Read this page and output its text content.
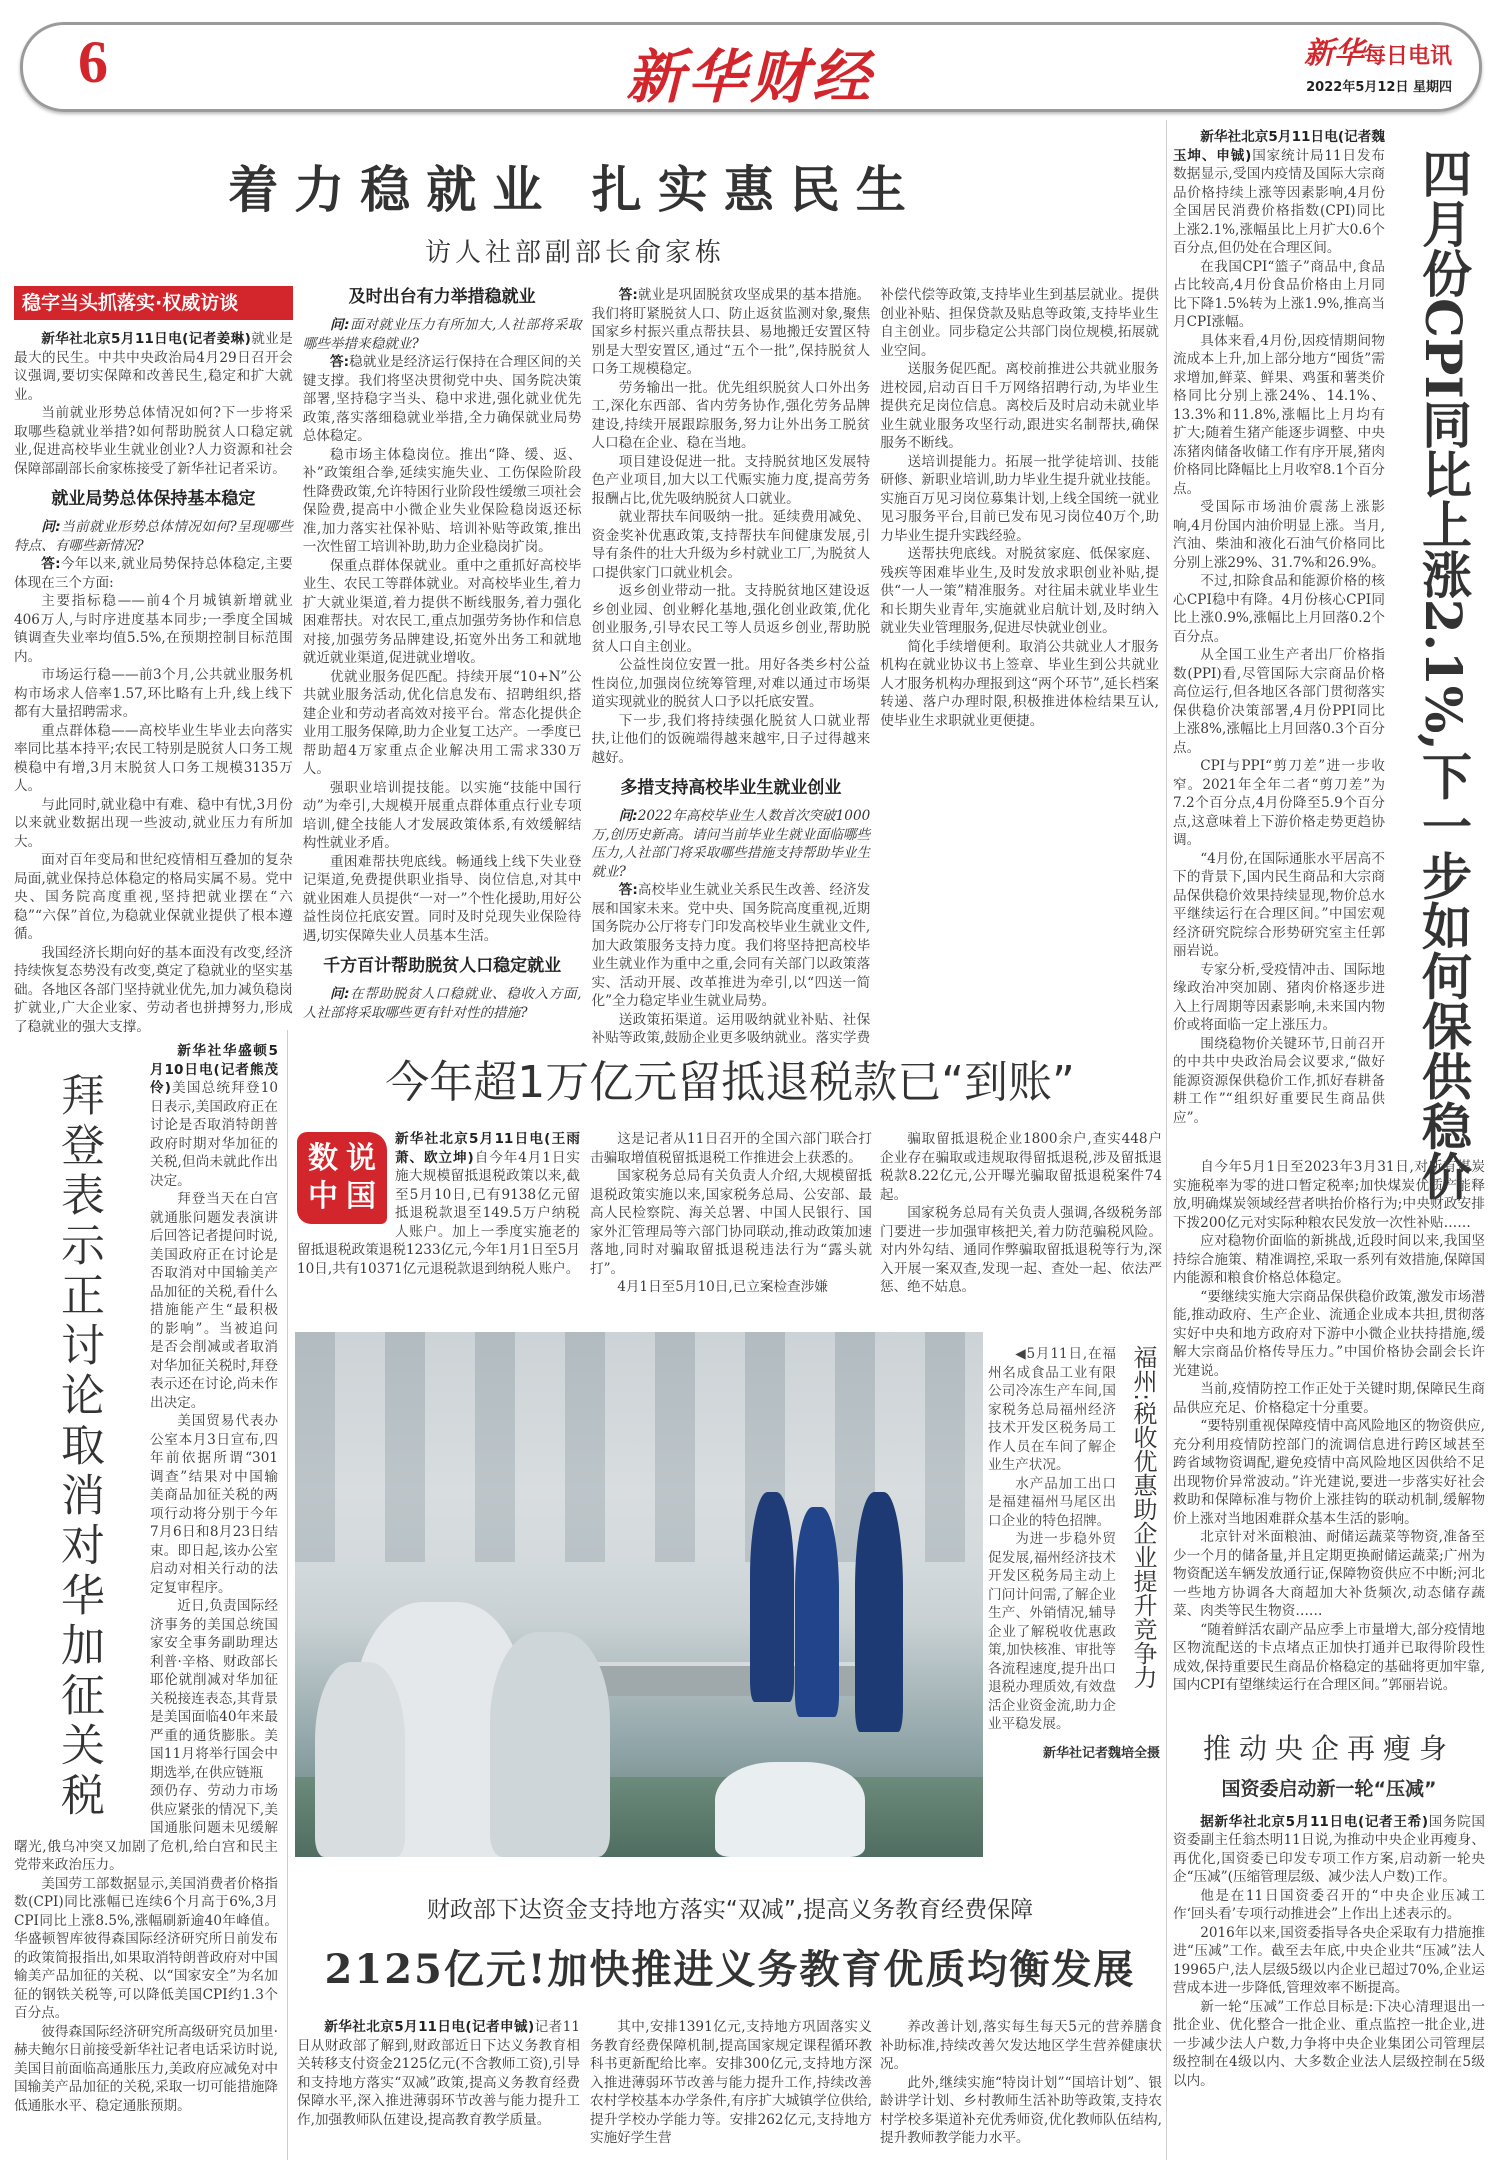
6	新华财经	新华每日电讯
2022年5月12日 星期四
着力稳就业 扎实惠民生
访人社部副部长俞家栋
稳字当头抓落实·权威访谈

新华社北京5月11日电(记者姜琳)就业是最大的民生。中共中央政治局4月29日召开会议强调,要切实保障和改善民生,稳定和扩大就业。

当前就业形势总体情况如何?下一步将采取哪些稳就业举措?如何帮助脱贫人口稳定就业,促进高校毕业生就业创业?人力资源和社会保障部副部长俞家栋接受了新华社记者采访。

就业局势总体保持基本稳定

问:当前就业形势总体情况如何?呈现哪些特点、有哪些新情况?

答:今年以来,就业局势保持总体稳定,主要体现在三个方面:

主要指标稳——前4个月城镇新增就业406万人,与时序进度基本同步;一季度全国城镇调查失业率均值5.5%,在预期控制目标范围内。

市场运行稳——前3个月,公共就业服务机构市场求人倍率1.57,环比略有上升,线上线下都有大量招聘需求。

重点群体稳——高校毕业生毕业去向落实率同比基本持平;农民工特别是脱贫人口务工规模稳中有增,3月末脱贫人口务工规模3135万人。

与此同时,就业稳中有难、稳中有忧,3月份以来就业数据出现一些波动,就业压力有所加大。

面对百年变局和世纪疫情相互叠加的复杂局面,就业保持总体稳定的格局实属不易。党中央、国务院高度重视,坚持把就业摆在“六稳”“六保”首位,为稳就业保就业提供了根本遵循。

我国经济长期向好的基本面没有改变,经济持续恢复态势没有改变,奠定了稳就业的坚实基础。各地区各部门坚持就业优先,加力减负稳岗扩就业,广大企业家、劳动者也拼搏努力,形成了稳就业的强大支撑。

及时出台有力举措稳就业

问:面对就业压力有所加大,人社部将采取哪些举措来稳就业?

答:稳就业是经济运行保持在合理区间的关键支撑。我们将坚决贯彻党中央、国务院决策部署,坚持稳字当头、稳中求进,强化就业优先政策,落实落细稳就业举措,全力确保就业局势总体稳定。

稳市场主体稳岗位。推出“降、缓、返、补”政策组合拳,延续实施失业、工伤保险阶段性降费政策,允许特困行业阶段性缓缴三项社会保险费,提高中小微企业失业保险稳岗返还标准,加力落实社保补贴、培训补贴等政策,推出一次性留工培训补助,助力企业稳岗扩岗。

保重点群体保就业。重中之重抓好高校毕业生、农民工等群体就业。对高校毕业生,着力扩大就业渠道,着力提供不断线服务,着力强化困难帮扶。对农民工,重点加强劳务协作和信息对接,加强劳务品牌建设,拓宽外出务工和就地就近就业渠道,促进就业增收。

优就业服务促匹配。持续开展“10+N”公共就业服务活动,优化信息发布、招聘组织,搭建企业和劳动者高效对接平台。常态化提供企业用工服务保障,助力企业复工达产。一季度已帮助超4万家重点企业解决用工需求330万人。

强职业培训提技能。以实施“技能中国行动”为牵引,大规模开展重点群体重点行业专项培训,健全技能人才发展政策体系,有效缓解结构性就业矛盾。

重困难帮扶兜底线。畅通线上线下失业登记渠道,免费提供职业指导、岗位信息,对其中就业困难人员提供“一对一”个性化援助,用好公益性岗位托底安置。同时及时兑现失业保险待遇,切实保障失业人员基本生活。

千方百计帮助脱贫人口稳定就业

问:在帮助脱贫人口稳就业、稳收入方面,人社部将采取哪些更有针对性的措施?

答:就业是巩固脱贫攻坚成果的基本措施。我们将盯紧脱贫人口、防止返贫监测对象,聚焦国家乡村振兴重点帮扶县、易地搬迁安置区特别是大型安置区,通过“五个一批”,保持脱贫人口务工规模稳定。

劳务输出一批。优先组织脱贫人口外出务工,深化东西部、省内劳务协作,强化劳务品牌建设,持续开展跟踪服务,努力让外出务工脱贫人口稳在企业、稳在当地。

项目建设促进一批。支持脱贫地区发展特色产业项目,加大以工代赈实施力度,提高劳务报酬占比,优先吸纳脱贫人口就业。

就业帮扶车间吸纳一批。延续费用减免、资金奖补优惠政策,支持帮扶车间健康发展,引导有条件的壮大升级为乡村就业工厂,为脱贫人口提供家门口就业机会。

返乡创业带动一批。支持脱贫地区建设返乡创业园、创业孵化基地,强化创业政策,优化创业服务,引导农民工等人员返乡创业,帮助脱贫人口自主创业。

公益性岗位安置一批。用好各类乡村公益性岗位,加强岗位统筹管理,对难以通过市场渠道实现就业的脱贫人口予以托底安置。

下一步,我们将持续强化脱贫人口就业帮扶,让他们的饭碗端得越来越牢,日子过得越来越好。

多措支持高校毕业生就业创业

问:2022年高校毕业生人数首次突破1000万,创历史新高。请问当前毕业生就业面临哪些压力,人社部门将采取哪些措施支持帮助毕业生就业?

答:高校毕业生就业关系民生改善、经济发展和国家未来。党中央、国务院高度重视,近期国务院办公厅将专门印发高校毕业生就业文件,加大政策服务支持力度。我们将坚持把高校毕业生就业作为重中之重,会同有关部门以政策落实、活动开展、改革推进为牵引,以“四送一简化”全力稳定毕业生就业局势。

送政策拓渠道。运用吸纳就业补贴、社保补贴等政策,鼓励企业更多吸纳就业。落实学费补偿代偿等政策,支持毕业生到基层就业。提供创业补贴、担保贷款及贴息等政策,支持毕业生自主创业。同步稳定公共部门岗位规模,拓展就业空间。

送服务促匹配。离校前推进公共就业服务进校园,启动百日千万网络招聘行动,为毕业生提供充足岗位信息。离校后及时启动未就业毕业生就业服务攻坚行动,跟进实名制帮扶,确保服务不断线。

送培训提能力。拓展一批学徒培训、技能研修、新职业培训,助力毕业生提升就业技能。实施百万见习岗位募集计划,上线全国统一就业见习服务平台,目前已发布见习岗位40万个,助力毕业生提升实践经验。

送帮扶兜底线。对脱贫家庭、低保家庭、残疾等困难毕业生,及时发放求职创业补贴,提供“一人一策”精准服务。对往届未就业毕业生和长期失业青年,实施就业启航计划,及时纳入就业失业管理服务,促进尽快就业创业。

简化手续增便利。取消公共就业人才服务机构在就业协议书上签章、毕业生到公共就业人才服务机构办理报到这“两个环节”,延长档案转递、落户办理时限,积极推进体检结果互认,使毕业生求职就业更便捷。	四月份CPI同比上涨2.1%,下一步如何保供稳价

新华社北京5月11日电(记者魏玉坤、申铖)国家统计局11日发布数据显示,受国内疫情及国际大宗商品价格持续上涨等因素影响,4月份全国居民消费价格指数(CPI)同比上涨2.1%,涨幅虽比上月扩大0.6个百分点,但仍处在合理区间。

在我国CPI“篮子”商品中,食品占比较高,4月份食品价格由上月同比下降1.5%转为上涨1.9%,推高当月CPI涨幅。

具体来看,4月份,因疫情期间物流成本上升,加上部分地方“囤货”需求增加,鲜菜、鲜果、鸡蛋和薯类价格同比分别上涨24%、14.1%、13.3%和11.8%,涨幅比上月均有扩大;随着生猪产能逐步调整、中央冻猪肉储备收储工作有序开展,猪肉价格同比降幅比上月收窄8.1个百分点。

受国际市场油价震荡上涨影响,4月份国内油价明显上涨。当月,汽油、柴油和液化石油气价格同比分别上涨29%、31.7%和26.9%。

不过,扣除食品和能源价格的核心CPI稳中有降。4月份核心CPI同比上涨0.9%,涨幅比上月回落0.2个百分点。

从全国工业生产者出厂价格指数(PPI)看,尽管国际大宗商品价格高位运行,但各地区各部门贯彻落实保供稳价决策部署,4月份PPI同比上涨8%,涨幅比上月回落0.3个百分点。

CPI与PPI“剪刀差”进一步收窄。2021年全年二者“剪刀差”为7.2个百分点,4月份降至5.9个百分点,这意味着上下游价格走势更趋协调。

“4月份,在国际通胀水平居高不下的背景下,国内民生商品和大宗商品保供稳价效果持续显现,物价总水平继续运行在合理区间。”中国宏观经济研究院综合形势研究室主任郭丽岩说。

专家分析,受疫情冲击、国际地缘政治冲突加剧、猪肉价格逐步进入上行周期等因素影响,未来国内物价或将面临一定上涨压力。

围绕稳物价关键环节,日前召开的中共中央政治局会议要求,“做好能源资源保供稳价工作,抓好春耕备耕工作”“组织好重要民生商品供应”。

自今年5月1日至2023年3月31日,对所有煤炭实施税率为零的进口暂定税率;加快煤炭优质产能释放,明确煤炭领域经营者哄抬价格行为;中央财政安排下拨200亿元对实际种粮农民发放一次性补贴……

应对稳物价面临的新挑战,近段时间以来,我国坚持综合施策、精准调控,采取一系列有效措施,保障国内能源和粮食价格总体稳定。

“要继续实施大宗商品保供稳价政策,激发市场潜能,推动政府、生产企业、流通企业成本共担,贯彻落实好中央和地方政府对下游中小微企业扶持措施,缓解大宗商品价格传导压力。”中国价格协会副会长许光建说。

当前,疫情防控工作正处于关键时期,保障民生商品供应充足、价格稳定十分重要。

“要特别重视保障疫情中高风险地区的物资供应,充分利用疫情防控部门的流调信息进行跨区域甚至跨省域物资调配,避免疫情中高风险地区因供给不足出现物价异常波动。”许光建说,要进一步落实好社会救助和保障标准与物价上涨挂钩的联动机制,缓解物价上涨对当地困难群众基本生活的影响。

北京针对米面粮油、耐储运蔬菜等物资,准备至少一个月的储备量,并且定期更换耐储运蔬菜;广州为物资配送车辆发放通行证,保障物资供应不中断;河北一些地方协调各大商超加大补货频次,动态储存蔬菜、肉类等民生物资……

“随着鲜活农副产品应季上市量增大,部分疫情地区物流配送的卡点堵点正加快打通并已取得阶段性成效,保持重要民生商品价格稳定的基础将更加牢靠,国内CPI有望继续运行在合理区间。”郭丽岩说。

推动央企再瘦身
国资委启动新一轮“压减”

据新华社北京5月11日电(记者王希)国务院国资委副主任翁杰明11日说,为推动中央企业再瘦身、再优化,国资委已印发专项工作方案,启动新一轮央企“压减”(压缩管理层级、减少法人户数)工作。

他是在11日国资委召开的“中央企业压减工作‘回头看’专项行动推进会”上作出上述表示的。

2016年以来,国资委指导各央企采取有力措施推进“压减”工作。截至去年底,中央企业共“压减”法人19965户,法人层级5级以内企业已超过70%,企业运营成本进一步降低,管理效率不断提高。

新一轮“压减”工作总目标是:下决心清理退出一批企业、优化整合一批企业、重点监控一批企业,进一步减少法人户数,力争将中央企业集团公司管理层级控制在4级以内、大多数企业法人层级控制在5级以内。

拜登表示正讨论取消对华加征关税

新华社华盛顿5月10日电(记者熊茂伶)美国总统拜登10日表示,美国政府正在讨论是否取消特朗普政府时期对华加征的关税,但尚未就此作出决定。

拜登当天在白宫就通胀问题发表演讲后回答记者提问时说,美国政府正在讨论是否取消对中国输美产品加征的关税,看什么措施能产生“最积极的影响”。当被追问是否会削减或者取消对华加征关税时,拜登表示还在讨论,尚未作出决定。

美国贸易代表办公室本月3日宣布,四年前依据所谓“301调查”结果对中国输美商品加征关税的两项行动将分别于今年7月6日和8月23日结束。即日起,该办公室启动对相关行动的法定复审程序。

近日,负责国际经济事务的美国总统国家安全事务副助理达利普·辛格、财政部长耶伦就削减对华加征关税接连表态,其背景是美国面临40年来最严重的通货膨胀。美国11月将举行国会中期选举,在供应链瓶

颈仍存、劳动力市场供应紧张的情况下,美国通胀问题未见缓解曙光,俄乌冲突又加剧了危机,给白宫和民主党带来政治压力。

美国劳工部数据显示,美国消费者价格指数(CPI)同比涨幅已连续6个月高于6%,3月CPI同比上涨8.5%,涨幅刷新逾40年峰值。华盛顿智库彼得森国际经济研究所日前发布的政策简报指出,如果取消特朗普政府对中国输美产品加征的关税、以“国家安全”为名加征的钢铁关税等,可以降低美国CPI约1.3个百分点。

彼得森国际经济研究所高级研究员加里·赫夫鲍尔日前接受新华社记者电话采访时说,美国目前面临高通胀压力,美政府应减免对中国输美产品加征的关税,采取一切可能措施降低通胀水平、稳定通胀预期。

今年超1万亿元留抵退税款已“到账”
数 说
中 国

新华社北京5月11日电(王雨萧、欧立坤)自今年4月1日实施大规模留抵退税政策以来,截至5月10日,已有9138亿元留抵退税款退至149.5万户纳税人账户。加上一季度实施老的留抵退税政策退税1233亿元,今年1月1日至5月10日,共有10371亿元退税款退到纳税人账户。

这是记者从11日召开的全国六部门联合打击骗取增值税留抵退税工作推进会上获悉的。

国家税务总局有关负责人介绍,大规模留抵退税政策实施以来,国家税务总局、公安部、最高人民检察院、海关总署、中国人民银行、国家外汇管理局等六部门协同联动,推动政策加速落地,同时对骗取留抵退税违法行为“露头就打”。

4月1日至5月10日,已立案检查涉嫌

骗取留抵退税企业1800余户,查实448户企业存在骗取或违规取得留抵退税,涉及留抵退税款8.22亿元,公开曝光骗取留抵退税案件74起。

国家税务总局有关负责人强调,各级税务部门要进一步加强审核把关,着力防范骗税风险。对内外勾结、通同作弊骗取留抵退税等行为,深入开展一案双查,发现一起、查处一起、依法严惩、绝不姑息。

福州:税收优惠助企业提升竞争力

◀5月11日,在福州名成食品工业有限公司冷冻生产车间,国家税务总局福州经济技术开发区税务局工作人员在车间了解企业生产状况。

水产品加工出口是福建福州马尾区出口企业的特色招牌。

为进一步稳外贸促发展,福州经济技术开发区税务局主动上门问计问需,了解企业生产、外销情况,辅导企业了解税收优惠政策,加快核准、审批等各流程速度,提升出口退税办理质效,有效盘活企业资金流,助力企业平稳发展。

新华社记者魏培全摄
财政部下达资金支持地方落实“双减”,提高义务教育经费保障
2125亿元!加快推进义务教育优质均衡发展

新华社北京5月11日电(记者申铖)记者11日从财政部了解到,财政部近日下达义务教育相关转移支付资金2125亿元(不含教师工资),引导和支持地方落实“双减”政策,提高义务教育经费保障水平,深入推进薄弱环节改善与能力提升工作,加强教师队伍建设,提高教育教学质量。

其中,安排1391亿元,支持地方巩固落实义务教育经费保障机制,提高国家规定课程循环教科书更新配给比率。安排300亿元,支持地方深入推进薄弱环节改善与能力提升工作,持续改善农村学校基本办学条件,有序扩大城镇学位供给,提升学校办学能力等。安排262亿元,支持地方实施好学生营

养改善计划,落实每生每天5元的营养膳食补助标准,持续改善欠发达地区学生营养健康状况。

此外,继续实施“特岗计划”“国培计划”、银龄讲学计划、乡村教师生活补助等政策,支持农村学校多渠道补充优秀师资,优化教师队伍结构,提升教师教学能力水平。
